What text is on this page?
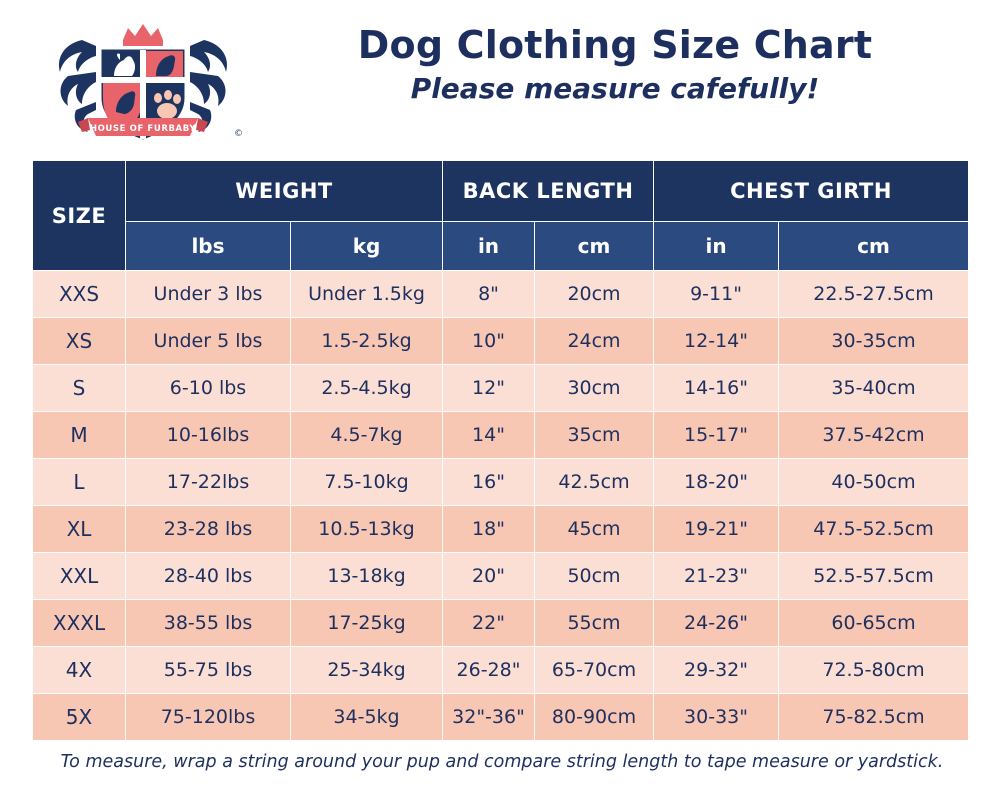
HOUSE OF FURBABY	©
Dog Clothing Size Chart
Please measure cafefully!
SIZE	WEIGHT		BACK LENGTH		CHEST GIRTH	
	lbs	kg	in	cm	in	cm
XXS	Under 3 lbs	Under 1.5kg	8"	20cm	9-11"	22.5-27.5cm
XS	Under 5 lbs	1.5-2.5kg	10"	24cm	12-14"	30-35cm
S	6-10 lbs	2.5-4.5kg	12"	30cm	14-16"	35-40cm
M	10-16lbs	4.5-7kg	14"	35cm	15-17"	37.5-42cm
L	17-22lbs	7.5-10kg	16"	42.5cm	18-20"	40-50cm
XL	23-28 lbs	10.5-13kg	18"	45cm	19-21"	47.5-52.5cm
XXL	28-40 lbs	13-18kg	20"	50cm	21-23"	52.5-57.5cm
XXXL	38-55 lbs	17-25kg	22"	55cm	24-26"	60-65cm
4X	55-75 lbs	25-34kg	26-28"	65-70cm	29-32"	72.5-80cm
5X	75-120lbs	34-5kg	32"-36"	80-90cm	30-33"	75-82.5cm
To measure, wrap a string around your pup and compare string length to tape measure or yardstick.
